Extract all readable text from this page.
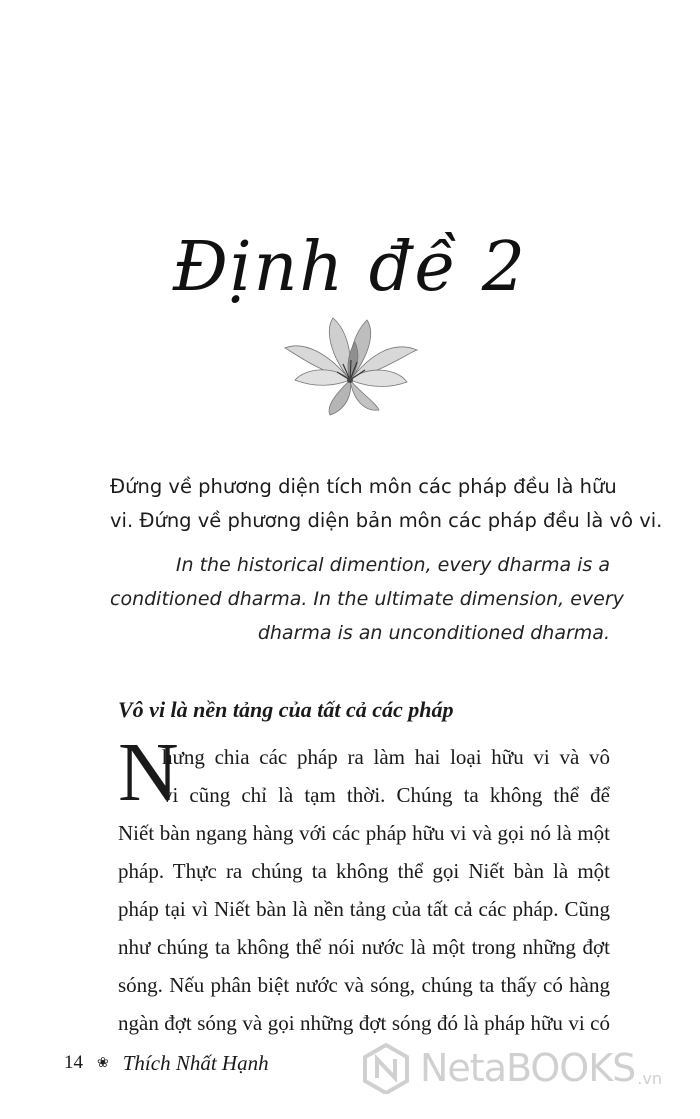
Định đề 2
Đứng về phương diện tích môn các pháp đều là hữu
vi. Đứng về phương diện bản môn các pháp đều là vô vi.
In the historical dimention, every dharma is a
conditioned dharma. In the ultimate dimension, every
dharma is an unconditioned dharma.
Vô vi là nền tảng của tất cả các pháp
N
hưng chia các pháp ra làm hai loại hữu vi và vô
vi cũng chỉ là tạm thời. Chúng ta không thể để
Niết bàn ngang hàng với các pháp hữu vi và gọi nó là một
pháp. Thực ra chúng ta không thể gọi Niết bàn là một
pháp tại vì Niết bàn là nền tảng của tất cả các pháp. Cũng
như chúng ta không thể nói nước là một trong những đợt
sóng. Nếu phân biệt nước và sóng, chúng ta thấy có hàng
ngàn đợt sóng và gọi những đợt sóng đó là pháp hữu vi có
14 ❀ Thích Nhất Hạnh	NetaBOOKS .vn
